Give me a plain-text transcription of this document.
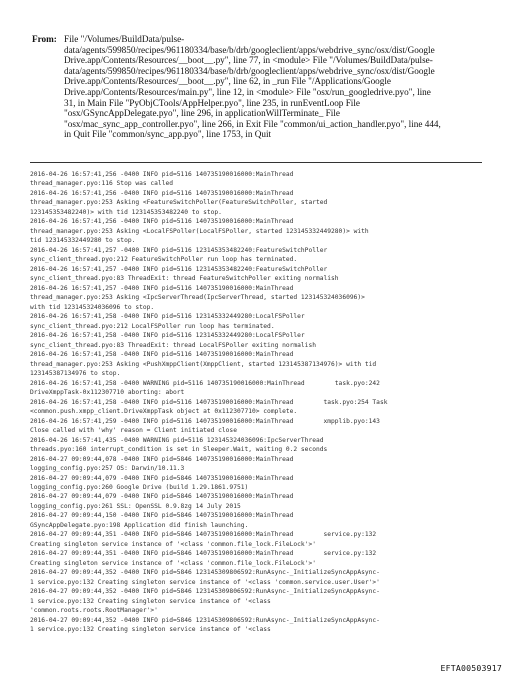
From: File "/Volumes/BuildData/pulse-
data/agents/599850/recipes/961180334/base/b/drb/googleclient/apps/webdrive_sync/osx/dist/Google
Drive.app/Contents/Resources/__boot__.py", line 77, in <module> File "/Volumes/BuildData/pulse-
data/agents/599850/recipes/961180334/base/b/drb/googleclient/apps/webdrive_sync/osx/dist/Google
Drive.app/Contents/Resources/__boot__.py", line 62, in _run File "/Applications/Google
Drive.app/Contents/Resources/main.py", line 12, in <module> File "osx/run_googledrive.pyo", line
31, in Main File "PyObjCTools/AppHelper.pyo", line 235, in runEventLoop File
"osx/GSyncAppDelegate.pyo", line 296, in applicationWillTerminate_ File
"osx/mac_sync_app_controller.pyo", line 266, in Exit File "common/ui_action_handler.pyo", line 444,
in Quit File "common/sync_app.pyo", line 1753, in Quit
2016-04-26 16:57:41,256 -0400 INFO pid=5116 140735190016000:MainThread
thread_manager.pyo:116 Stop was called
2016-04-26 16:57:41,256 -0400 INFO pid=5116 140735190016000:MainThread
thread_manager.pyo:253 Asking <FeatureSwitchPoller(FeatureSwitchPoller, started
123145353482240)> with tid 123145353482240 to stop.
2016-04-26 16:57:41,256 -0400 INFO pid=5116 140735190016000:MainThread
thread_manager.pyo:253 Asking <LocalFSPoller(LocalFSPoller, started 123145332449280)> with
tid 123145332449280 to stop.
2016-04-26 16:57:41,257 -0400 INFO pid=5116 123145353482240:FeatureSwitchPoller
sync_client_thread.pyo:212 FeatureSwitchPoller run loop has terminated.
2016-04-26 16:57:41,257 -0400 INFO pid=5116 123145353482240:FeatureSwitchPoller
sync_client_thread.pyo:83 ThreadExit: thread FeatureSwitchPoller exiting normalish
2016-04-26 16:57:41,257 -0400 INFO pid=5116 140735190016000:MainThread
thread_manager.pyo:253 Asking <IpcServerThread(IpcServerThread, started 123145324036096)>
with tid 123145324036096 to stop.
2016-04-26 16:57:41,258 -0400 INFO pid=5116 123145332449280:LocalFSPoller
sync_client_thread.pyo:212 LocalFSPoller run loop has terminated.
2016-04-26 16:57:41,258 -0400 INFO pid=5116 123145332449280:LocalFSPoller
sync_client_thread.pyo:83 ThreadExit: thread LocalFSPoller exiting normalish
2016-04-26 16:57:41,258 -0400 INFO pid=5116 140735190016000:MainThread
thread_manager.pyo:253 Asking <PushXmppClient(XmppClient, started 123145387134976)> with tid
123145387134976 to stop.
2016-04-26 16:57:41,258 -0400 WARNING pid=5116 140735190016000:MainThread        task.pyo:242
DriveXmppTask-0x112307710 aborting: abort
2016-04-26 16:57:41,258 -0400 INFO pid=5116 140735190016000:MainThread        task.pyo:254 Task
<common.push.xmpp_client.DriveXmppTask object at 0x112307710> complete.
2016-04-26 16:57:41,259 -0400 INFO pid=5116 140735190016000:MainThread        xmpplib.pyo:143
Close called with 'why' reason = Client initiated close
2016-04-26 16:57:41,435 -0400 WARNING pid=5116 123145324036096:IpcServerThread
threads.pyo:160 interrupt_condition is set in Sleeper.Wait, waiting 0.2 seconds
2016-04-27 09:09:44,078 -0400 INFO pid=5846 140735190016000:MainThread
logging_config.pyo:257 OS: Darwin/10.11.3
2016-04-27 09:09:44,079 -0400 INFO pid=5846 140735190016000:MainThread
logging_config.pyo:260 Google Drive (build 1.29.1861.9751)
2016-04-27 09:09:44,079 -0400 INFO pid=5846 140735190016000:MainThread
logging_config.pyo:261 SSL: OpenSSL 0.9.8zg 14 July 2015
2016-04-27 09:09:44,150 -0400 INFO pid=5846 140735190016000:MainThread
GSyncAppDelegate.pyo:198 Application did finish launching.
2016-04-27 09:09:44,351 -0400 INFO pid=5846 140735190016000:MainThread        service.py:132
Creating singleton service instance of '<class 'common.file_lock.FileLock'>'
2016-04-27 09:09:44,351 -0400 INFO pid=5846 140735190016000:MainThread        service.py:132
Creating singleton service instance of '<class 'common.file_lock.FileLock'>'
2016-04-27 09:09:44,352 -0400 INFO pid=5846 123145309806592:RunAsync-_InitializeSyncAppAsync-
1 service.pyo:132 Creating singleton service instance of '<class 'common.service.user.User'>'
2016-04-27 09:09:44,352 -0400 INFO pid=5846 123145309806592:RunAsync-_InitializeSyncAppAsync-
1 service.pyo:132 Creating singleton service instance of '<class
'common.roots.roots.RootManager'>'
2016-04-27 09:09:44,352 -0400 INFO pid=5846 123145309806592:RunAsync-_InitializeSyncAppAsync-
1 service.pyo:132 Creating singleton service instance of '<class
EFTA00503917
